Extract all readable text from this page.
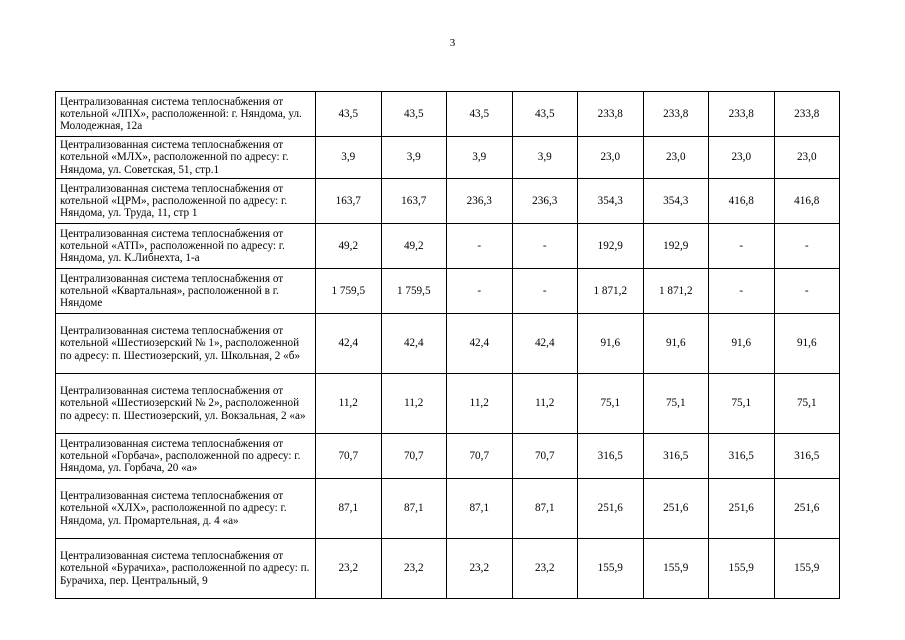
3
Централизованная система теплоснабжения от котельной «ЛПХ», расположенной: г. Няндома, ул. Молодежная, 12а	43,5	43,5	43,5	43,5	233,8	233,8	233,8	233,8
Централизованная система теплоснабжения от котельной «МЛХ», расположенной по адресу: г. Няндома, ул. Советская, 51, стр.1	3,9	3,9	3,9	3,9	23,0	23,0	23,0	23,0
Централизованная система теплоснабжения от котельной «ЦРМ», расположенной по адресу: г. Няндома, ул. Труда, 11, стр 1	163,7	163,7	236,3	236,3	354,3	354,3	416,8	416,8
Централизованная система теплоснабжения от котельной «АТП», расположенной по адресу: г. Няндома, ул. К.Либнехта, 1-а	49,2	49,2	-	-	192,9	192,9	-	-
Централизованная система теплоснабжения от котельной «Квартальная», расположенной в г. Няндоме	1 759,5	1 759,5	-	-	1 871,2	1 871,2	-	-
Централизованная система теплоснабжения от котельной «Шестиозерский № 1», расположенной по адресу: п. Шестиозерский, ул. Школьная, 2 «б»	42,4	42,4	42,4	42,4	91,6	91,6	91,6	91,6
Централизованная система теплоснабжения от котельной «Шестиозерский № 2», расположенной по адресу: п. Шестиозерский, ул. Вокзальная, 2 «а»	11,2	11,2	11,2	11,2	75,1	75,1	75,1	75,1
Централизованная система теплоснабжения от котельной «Горбача», расположенной по адресу: г. Няндома, ул. Горбача, 20 «а»	70,7	70,7	70,7	70,7	316,5	316,5	316,5	316,5
Централизованная система теплоснабжения от котельной «ХЛХ», расположенной по адресу: г. Няндома, ул. Промартельная, д. 4 «а»	87,1	87,1	87,1	87,1	251,6	251,6	251,6	251,6
Централизованная система теплоснабжения от котельной «Бурачиха», расположенной по адресу: п. Бурачиха, пер. Центральный, 9	23,2	23,2	23,2	23,2	155,9	155,9	155,9	155,9
